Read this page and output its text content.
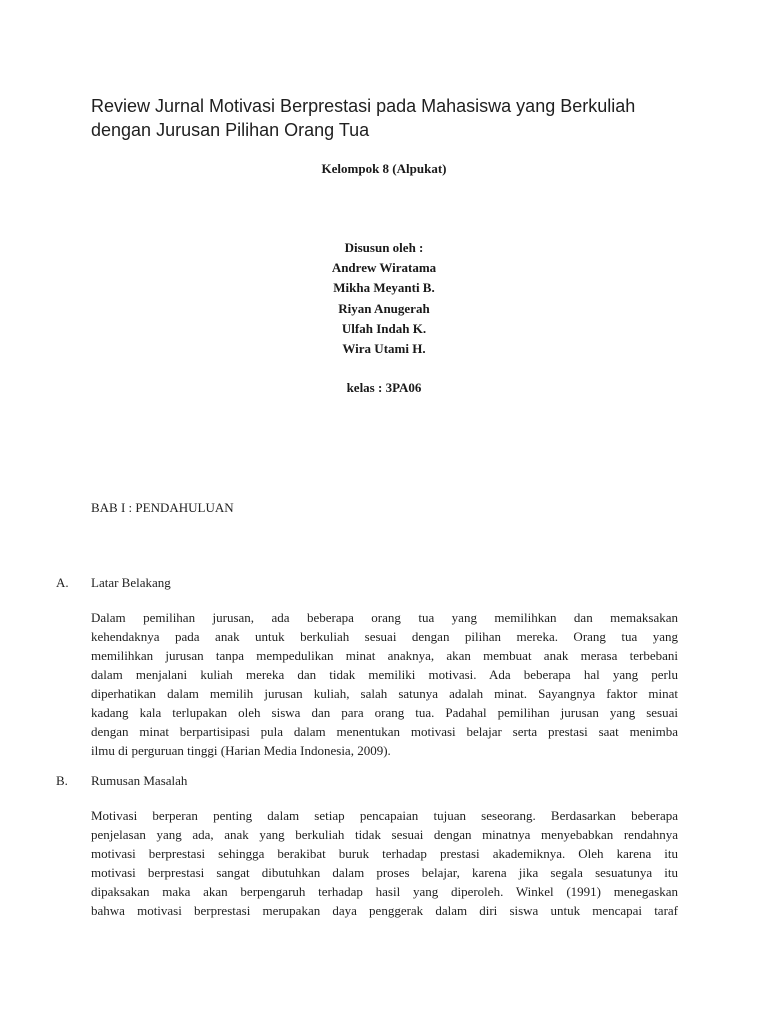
Review Jurnal Motivasi Berprestasi pada Mahasiswa yang Berkuliah
dengan Jurusan Pilihan Orang Tua
Kelompok 8 (Alpukat)
Disusun oleh :
Andrew Wiratama
Mikha Meyanti B.
Riyan Anugerah
Ulfah Indah K.
Wira Utami H.
kelas : 3PA06
BAB I : PENDAHULUAN
A. Latar Belakang
Dalam pemilihan jurusan, ada beberapa orang tua yang memilihkan dan memaksakan
kehendaknya pada anak untuk berkuliah sesuai dengan pilihan mereka. Orang tua yang
memilihkan jurusan tanpa mempedulikan minat anaknya, akan membuat anak merasa terbebani
dalam menjalani kuliah mereka dan tidak memiliki motivasi. Ada beberapa hal yang perlu
diperhatikan dalam memilih jurusan kuliah, salah satunya adalah minat. Sayangnya faktor minat
kadang kala terlupakan oleh siswa dan para orang tua. Padahal pemilihan jurusan yang sesuai
dengan minat berpartisipasi pula dalam menentukan motivasi belajar serta prestasi saat menimba
ilmu di perguruan tinggi (Harian Media Indonesia, 2009).
B. Rumusan Masalah
Motivasi berperan penting dalam setiap pencapaian tujuan seseorang. Berdasarkan beberapa
penjelasan yang ada, anak yang berkuliah tidak sesuai dengan minatnya menyebabkan rendahnya
motivasi berprestasi sehingga berakibat buruk terhadap prestasi akademiknya. Oleh karena itu
motivasi berprestasi sangat dibutuhkan dalam proses belajar, karena jika segala sesuatunya itu
dipaksakan maka akan berpengaruh terhadap hasil yang diperoleh. Winkel (1991) menegaskan
bahwa motivasi berprestasi merupakan daya penggerak dalam diri siswa untuk mencapai taraf
